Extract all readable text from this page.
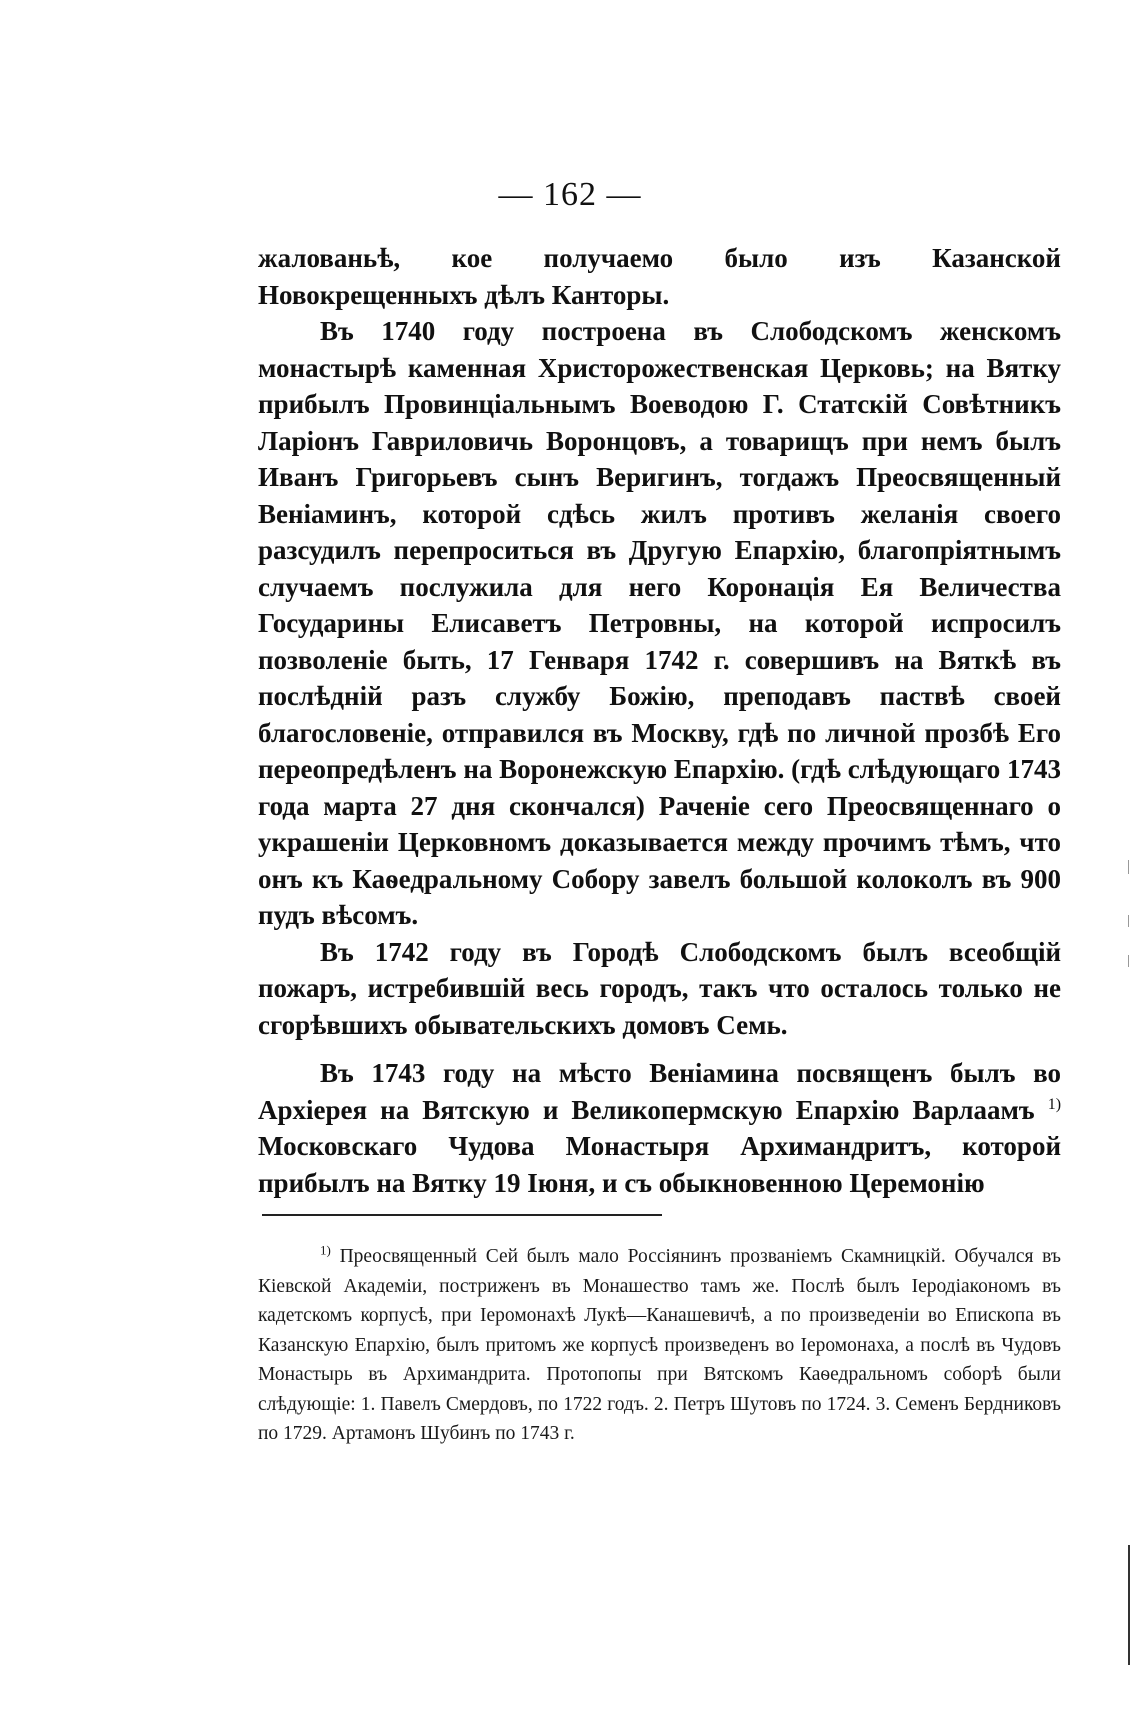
— 162 —

жалованьѣ, кое получаемо было изъ Казанской Новокрещенныхъ дѣлъ Канторы.

Въ 1740 году построена въ Слободскомъ женскомъ монастырѣ каменная Христорожественская Церковь; на Вятку прибылъ Провинціальнымъ Воеводою Г. Статскій Совѣтникъ Ларіонъ Гавриловичь Воронцовъ, а товарищъ при немъ былъ Иванъ Григорьевъ сынъ Веригинъ, тогдажъ Преосвященный Веніаминъ, которой сдѣсь жилъ противъ желанія своего разсудилъ перепроситься въ Другую Епархію, благопріятнымъ случаемъ послужила для него Коронація Ея Величества Государины Елисаветъ Петровны, на которой испросилъ позволеніе быть, 17 Генваря 1742 г. совершивъ на Вяткѣ въ послѣдній разъ службу Божію, преподавъ паствѣ своей благословеніе, отправился въ Москву, гдѣ по личной прозбѣ Его переопредѣленъ на Воронежскую Епархію. (гдѣ слѣдующаго 1743 года марта 27 дня скончался) Раченіе сего Преосвященнаго о украшеніи Церковномъ доказывается между прочимъ тѣмъ, что онъ къ Каѳедральному Собору завелъ большой колоколъ въ 900 пудъ вѣсомъ.

Въ 1742 году въ Городѣ Слободскомъ былъ всеобщій пожаръ, истребившій весь городъ, такъ что осталось только не сгорѣвшихъ обывательскихъ домовъ Семь.

Въ 1743 году на мѣсто Веніамина посвященъ былъ во Архіерея на Вятскую и Великопермскую Епархію Варлаамъ $^{1)}$ Московскаго Чудова Монастыря Архимандритъ, которой прибылъ на Вятку 19 Іюня, и съ обыкновенною Церемонію

$^{1)}$ Преосвященный Сей былъ мало Россіянинъ прозваніемъ Скамницкій. Обучался въ Кіевской Академіи, постриженъ въ Монашество тамъ же. Послѣ былъ Іеродіакономъ въ кадетскомъ корпусѣ, при Іеромонахѣ Лукѣ—Канашевичѣ, а по произведеніи во Епископа въ Казанскую Епархію, былъ притомъ же корпусѣ произведенъ во Іеромонаха, а послѣ въ Чудовъ Монастырь въ Архимандрита. Протопопы при Вятскомъ Каѳедральномъ соборѣ были слѣдующіе: 1. Павелъ Смердовъ, по 1722 годъ. 2. Петръ Шутовъ по 1724. 3. Семенъ Бердниковъ по 1729. Артамонъ Шубинъ по 1743 г.
